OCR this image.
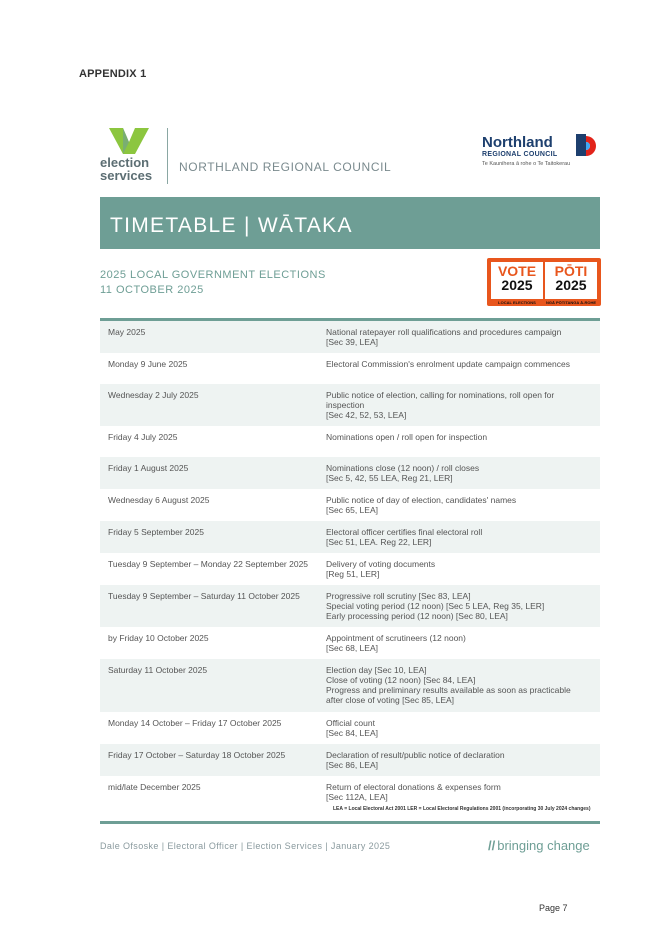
APPENDIX 1
election
services
NORTHLAND REGIONAL COUNCIL
Northland
REGIONAL COUNCIL
Te Kaunihera ā rohe o Te Taitokerau
TIMETABLE | WĀTAKA
2025 LOCAL GOVERNMENT ELECTIONS
11 OCTOBER 2025
VOTE
2025
LOCAL ELECTIONS
PŌTI
2025
NGĀ PŌTITANGA Ā-ROHE
May 2025	National ratepayer roll qualifications and procedures campaign
[Sec 39, LEA]
Monday 9 June 2025	Electoral Commission's enrolment update campaign commences
Wednesday 2 July 2025	Public notice of election, calling for nominations, roll open for
inspection
[Sec 42, 52, 53, LEA]
Friday 4 July 2025	Nominations open / roll open for inspection
Friday 1 August 2025	Nominations close (12 noon) / roll closes
[Sec 5, 42, 55 LEA, Reg 21, LER]
Wednesday 6 August 2025	Public notice of day of election, candidates' names
[Sec 65, LEA]
Friday 5 September 2025	Electoral officer certifies final electoral roll
[Sec 51, LEA. Reg 22, LER]
Tuesday 9 September – Monday 22 September 2025	Delivery of voting documents
[Reg 51, LER]
Tuesday 9 September – Saturday 11 October 2025	Progressive roll scrutiny [Sec 83, LEA]
Special voting period (12 noon) [Sec 5 LEA, Reg 35, LER]
Early processing period (12 noon) [Sec 80, LEA]
by Friday 10 October 2025	Appointment of scrutineers (12 noon)
[Sec 68, LEA]
Saturday 11 October 2025	Election day [Sec 10, LEA]
Close of voting (12 noon) [Sec 84, LEA]
Progress and preliminary results available as soon as practicable
after close of voting [Sec 85, LEA]
Monday 14 October – Friday 17 October 2025	Official count
[Sec 84, LEA]
Friday 17 October – Saturday 18 October 2025	Declaration of result/public notice of declaration
[Sec 86, LEA]
mid/late December 2025	Return of electoral donations & expenses form
[Sec 112A, LEA]
LEA = Local Electoral Act 2001 LER = Local Electoral Regulations 2001 (incorporating 30 July 2024 changes)
Dale Ofsoske | Electoral Officer | Election Services | January 2025	// bringing change
Page 7
